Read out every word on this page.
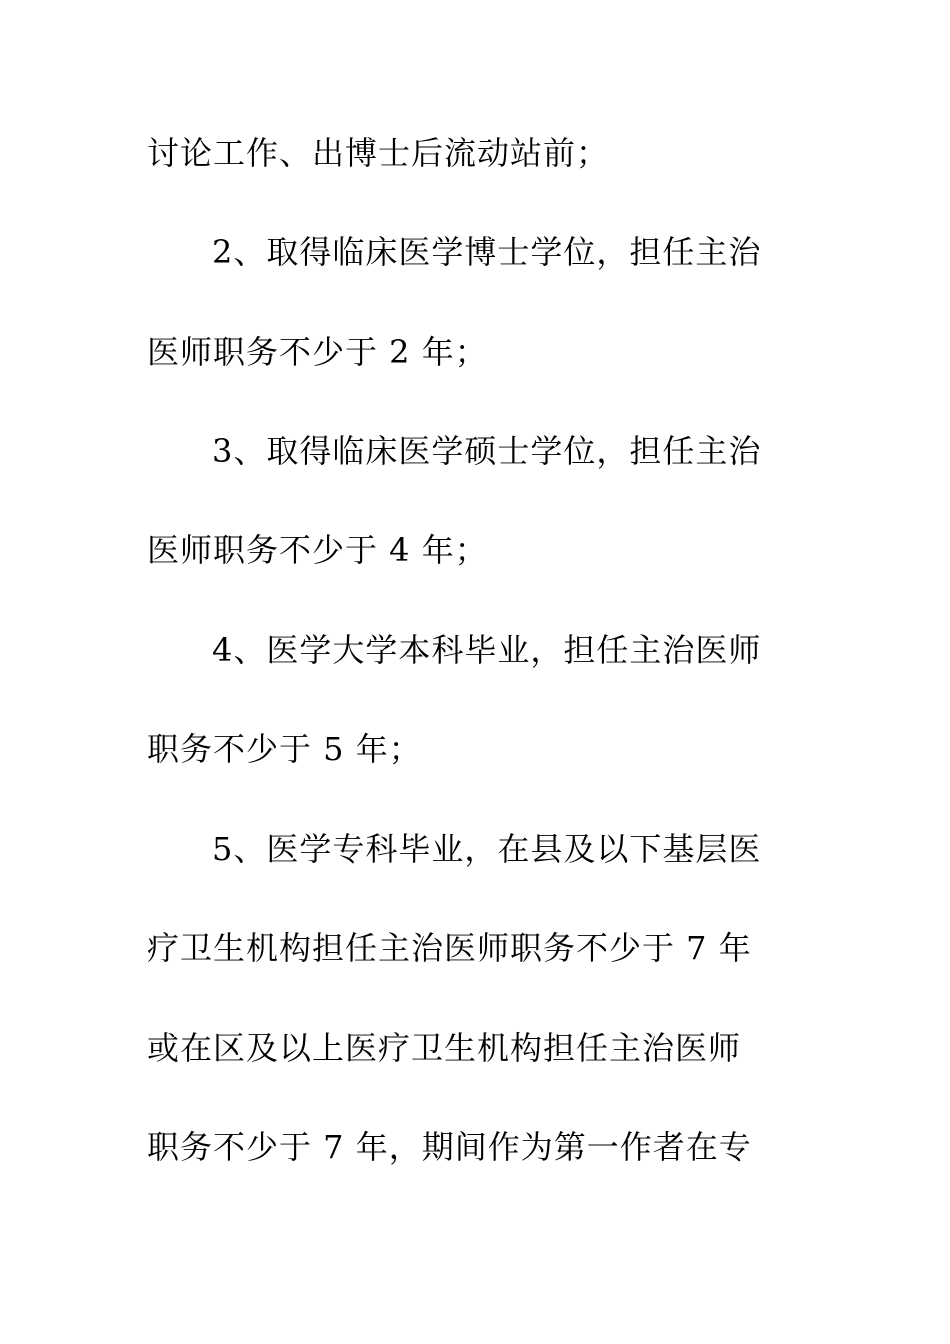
讨论工作、出博士后流动站前；
2、取得临床医学博士学位，担任主治
医师职务不少于 2 年；
3、取得临床医学硕士学位，担任主治
医师职务不少于 4 年；
4、医学大学本科毕业，担任主治医师
职务不少于 5 年；
5、医学专科毕业，在县及以下基层医
疗卫生机构担任主治医师职务不少于 7 年
或在区及以上医疗卫生机构担任主治医师
职务不少于 7 年，期间作为第一作者在专
